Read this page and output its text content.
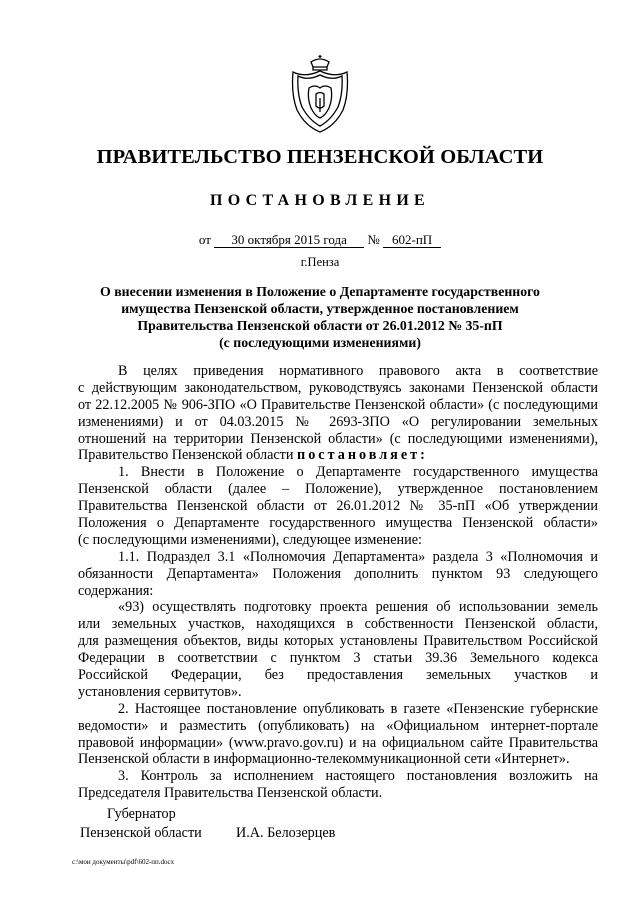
ПРАВИТЕЛЬСТВО ПЕНЗЕНСКОЙ ОБЛАСТИ
ПОСТАНОВЛЕНИЕ
от 30 октября 2015 года № 602-пП
г.Пенза
О внесении изменения в Положение о Департаменте государственного
имущества Пензенской области, утвержденное постановлением
Правительства Пензенской области от 26.01.2012 № 35-пП
(с последующими изменениями)
В целях приведения нормативного правового акта в соответствие
с действующим законодательством, руководствуясь законами Пензенской области
от 22.12.2005 № 906-ЗПО «О Правительстве Пензенской области» (с последующими
изменениями) и от 04.03.2015 № 2693-ЗПО «О регулировании земельных
отношений на территории Пензенской области» (с последующими изменениями),
Правительство Пензенской области постановляет:
1. Внести в Положение о Департаменте государственного имущества
Пензенской области (далее – Положение), утвержденное постановлением
Правительства Пензенской области от 26.01.2012 № 35-пП «Об утверждении
Положения о Департаменте государственного имущества Пензенской области»
(с последующими изменениями), следующее изменение:
1.1. Подраздел 3.1 «Полномочия Департамента» раздела 3 «Полномочия и
обязанности Департамента» Положения дополнить пунктом 93 следующего
содержания:
«93) осуществлять подготовку проекта решения об использовании земель
или земельных участков, находящихся в собственности Пензенской области,
для размещения объектов, виды которых установлены Правительством Российской
Федерации в соответствии с пунктом 3 статьи 39.36 Земельного кодекса
Российской Федерации, без предоставления земельных участков и
установления сервитутов».
2. Настоящее постановление опубликовать в газете «Пензенские губернские
ведомости» и разместить (опубликовать) на «Официальном интернет-портале
правовой информации» (www.pravo.gov.ru) и на официальном сайте Правительства
Пензенской области в информационно-телекоммуникационной сети «Интернет».
3. Контроль за исполнением настоящего постановления возложить на
Председателя Правительства Пензенской области.
Губернатор
Пензенской области И.А. Белозерцев
c:\мои документы\pdf\602-пп.docx
